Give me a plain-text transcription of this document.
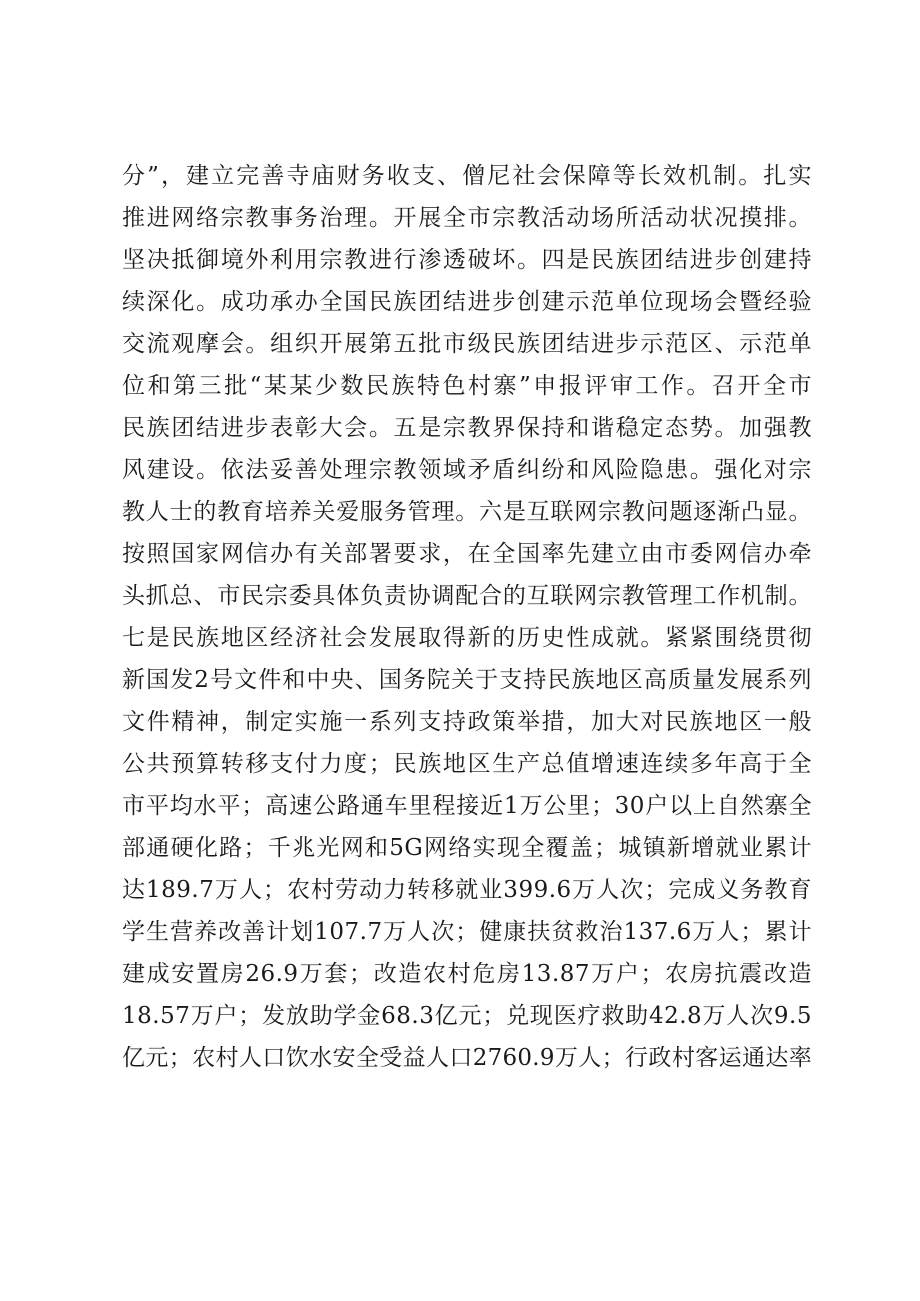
分”，建立完善寺庙财务收支、僧尼社会保障等长效机制。扎实
推进网络宗教事务治理。开展全市宗教活动场所活动状况摸排。
坚决抵御境外利用宗教进行渗透破坏。四是民族团结进步创建持
续深化。成功承办全国民族团结进步创建示范单位现场会暨经验
交流观摩会。组织开展第五批市级民族团结进步示范区、示范单
位和第三批“某某少数民族特色村寨”申报评审工作。召开全市
民族团结进步表彰大会。五是宗教界保持和谐稳定态势。加强教
风建设。依法妥善处理宗教领域矛盾纠纷和风险隐患。强化对宗
教人士的教育培养关爱服务管理。六是互联网宗教问题逐渐凸显。
按照国家网信办有关部署要求，在全国率先建立由市委网信办牵
头抓总、市民宗委具体负责协调配合的互联网宗教管理工作机制。
七是民族地区经济社会发展取得新的历史性成就。紧紧围绕贯彻
新国发2号文件和中央、国务院关于支持民族地区高质量发展系列
文件精神，制定实施一系列支持政策举措，加大对民族地区一般
公共预算转移支付力度；民族地区生产总值增速连续多年高于全
市平均水平；高速公路通车里程接近1万公里；30户以上自然寨全
部通硬化路；千兆光网和5G网络实现全覆盖；城镇新增就业累计
达189.7万人；农村劳动力转移就业399.6万人次；完成义务教育
学生营养改善计划107.7万人次；健康扶贫救治137.6万人；累计
建成安置房26.9万套；改造农村危房13.87万户；农房抗震改造
18.57万户；发放助学金68.3亿元；兑现医疗救助42.8万人次9.5
亿元；农村人口饮水安全受益人口2760.9万人；行政村客运通达率
